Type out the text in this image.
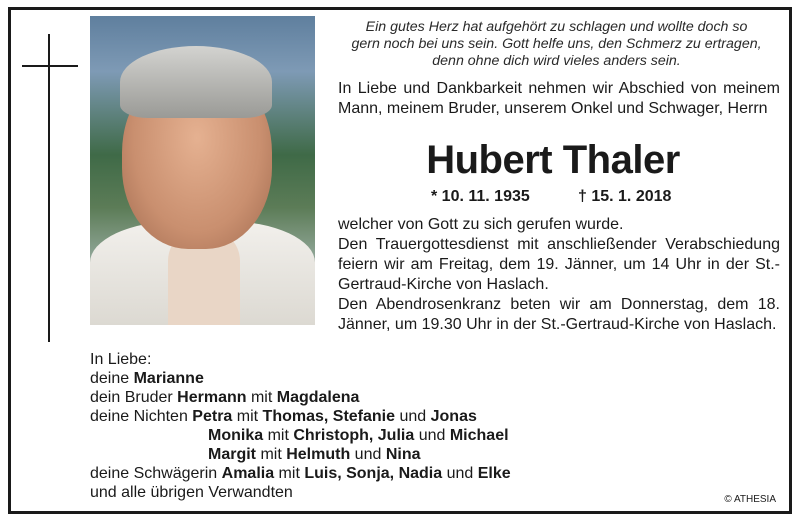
Ein gutes Herz hat aufgehört zu schlagen und wollte doch so
gern noch bei uns sein. Gott helfe uns, den Schmerz zu ertragen,
denn ohne dich wird vieles anders sein.
In Liebe und Dankbarkeit nehmen wir Abschied von meinem Mann, meinem Bruder, unserem Onkel und Schwager, Herrn
Hubert Thaler
* 10. 11. 1935	† 15. 1. 2018

welcher von Gott zu sich gerufen wurde.

Den Trauergottesdienst mit anschließender Verabschiedung feiern wir am Freitag, dem 19. Jänner, um 14 Uhr in der St.-Gertraud-Kirche von Haslach.

Den Abendrosenkranz beten wir am Donnerstag, dem 18. Jänner, um 19.30 Uhr in der St.-Gertraud-Kirche von Haslach.

In Liebe:
deine Marianne
dein Bruder Hermann mit Magdalena
deine Nichten Petra mit Thomas, Stefanie und Jonas
Monika mit Christoph, Julia und Michael
Margit mit Helmuth und Nina
deine Schwägerin Amalia mit Luis, Sonja, Nadia und Elke
und alle übrigen Verwandten	© ATHESIA
